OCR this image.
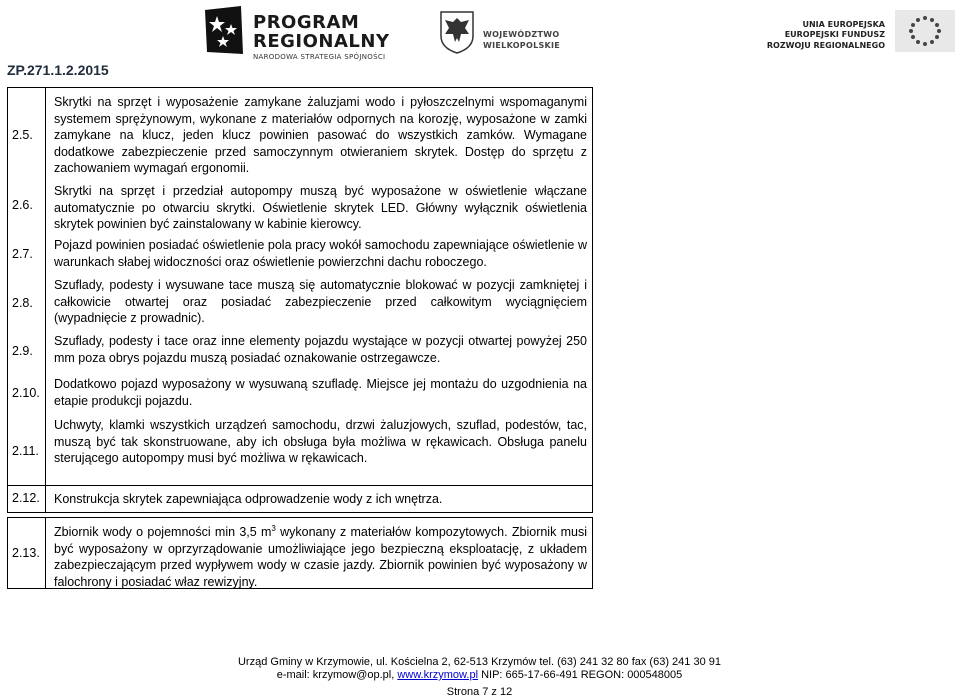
PROGRAM
REGIONALNY
NARODOWA STRATEGIA SPÓJNOŚCI
WOJEWÓDZTWO
WIELKOPOLSKIE
UNIA EUROPEJSKA
EUROPEJSKI FUNDUSZ
ROZWOJU REGIONALNEGO
ZP.271.1.2.2015
2.5.
Skrytki na sprzęt i wyposażenie zamykane żaluzjami wodo i pyłoszczelnymi wspomaganymi systemem sprężynowym, wykonane z materiałów odpornych na korozję, wyposażone w zamki zamykane na klucz, jeden klucz powinien pasować do wszystkich zamków. Wymagane dodatkowe zabezpieczenie przed samoczynnym otwieraniem skrytek. Dostęp do sprzętu z zachowaniem wymagań ergonomii.
2.6.
Skrytki na sprzęt i przedział autopompy muszą być wyposażone w oświetlenie włączane automatycznie po otwarciu skrytki. Oświetlenie skrytek LED. Główny wyłącznik oświetlenia skrytek powinien być zainstalowany w kabinie kierowcy.
2.7.
Pojazd powinien posiadać oświetlenie pola pracy wokół samochodu zapewniające oświetlenie w warunkach słabej widoczności oraz oświetlenie powierzchni dachu roboczego.
2.8.
Szuflady, podesty i wysuwane tace muszą się automatycznie blokować w pozycji zamkniętej i całkowicie otwartej oraz posiadać zabezpieczenie przed całkowitym wyciągnięciem (wypadnięcie z prowadnic).
2.9.
Szuflady, podesty i tace oraz inne elementy pojazdu wystające w pozycji otwartej powyżej 250 mm poza obrys pojazdu muszą posiadać oznakowanie ostrzegawcze.
2.10.
Dodatkowo pojazd wyposażony w wysuwaną szufladę. Miejsce jej montażu do uzgodnienia na etapie produkcji pojazdu.
2.11.
Uchwyty, klamki wszystkich urządzeń samochodu, drzwi żaluzjowych, szuflad, podestów, tac, muszą być tak skonstruowane, aby ich obsługa była możliwa w rękawicach. Obsługa panelu sterującego autopompy musi być możliwa w rękawicach.
2.12. Konstrukcja skrytek zapewniająca odprowadzenie wody z ich wnętrza.
2.13.
Zbiornik wody o pojemności min 3,5 $m^3$ wykonany z materiałów kompozytowych. Zbiornik musi być wyposażony w oprzyrządowanie umożliwiające jego bezpieczną eksploatację, z układem zabezpieczającym przed wypływem wody w czasie jazdy. Zbiornik powinien być wyposażony w falochrony i posiadać właz rewizyjny.
Urząd Gminy w Krzymowie, ul. Kościelna 2, 62-513 Krzymów tel. (63) 241 32 80 fax (63) 241 30 91
e-mail: krzymow@op.pl, www.krzymow.pl NIP: 665-17-66-491 REGON: 000548005
Strona 7 z 12
